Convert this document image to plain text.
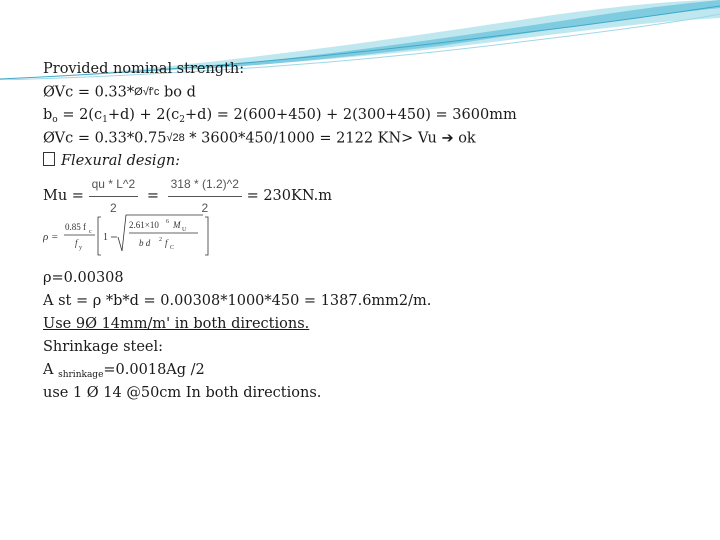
Provided nominal strength:
ØVc = 0.33*Ø√f'c bo d
$b_o = 2(c_1+d) + 2(c_2+d) = 2(600+450) + 2(300+450) = 3600mm$
ØVc = 0.33*0.75√28 * 3600*450/1000 = 2122 KN> Vu ➔ ok
Flexural design:
$Mu = \frac{qu * L\^{}2}{2} = \frac{318 * (1.2)\^{}2}{2} = 230KN.m$
ρ =
0.85 f c
f y
1
2.61×10 6 M U
b d 2 f C
ρ=0.00308
A st = ρ *b*d = 0.00308*1000*450 = 1387.6mm2/m.
Use 9Ø 14mm/m' in both directions.
Shrinkage steel:
A $_{shrinkage}$=0.0018Ag /2
use 1 Ø 14 @50cm In both directions.
